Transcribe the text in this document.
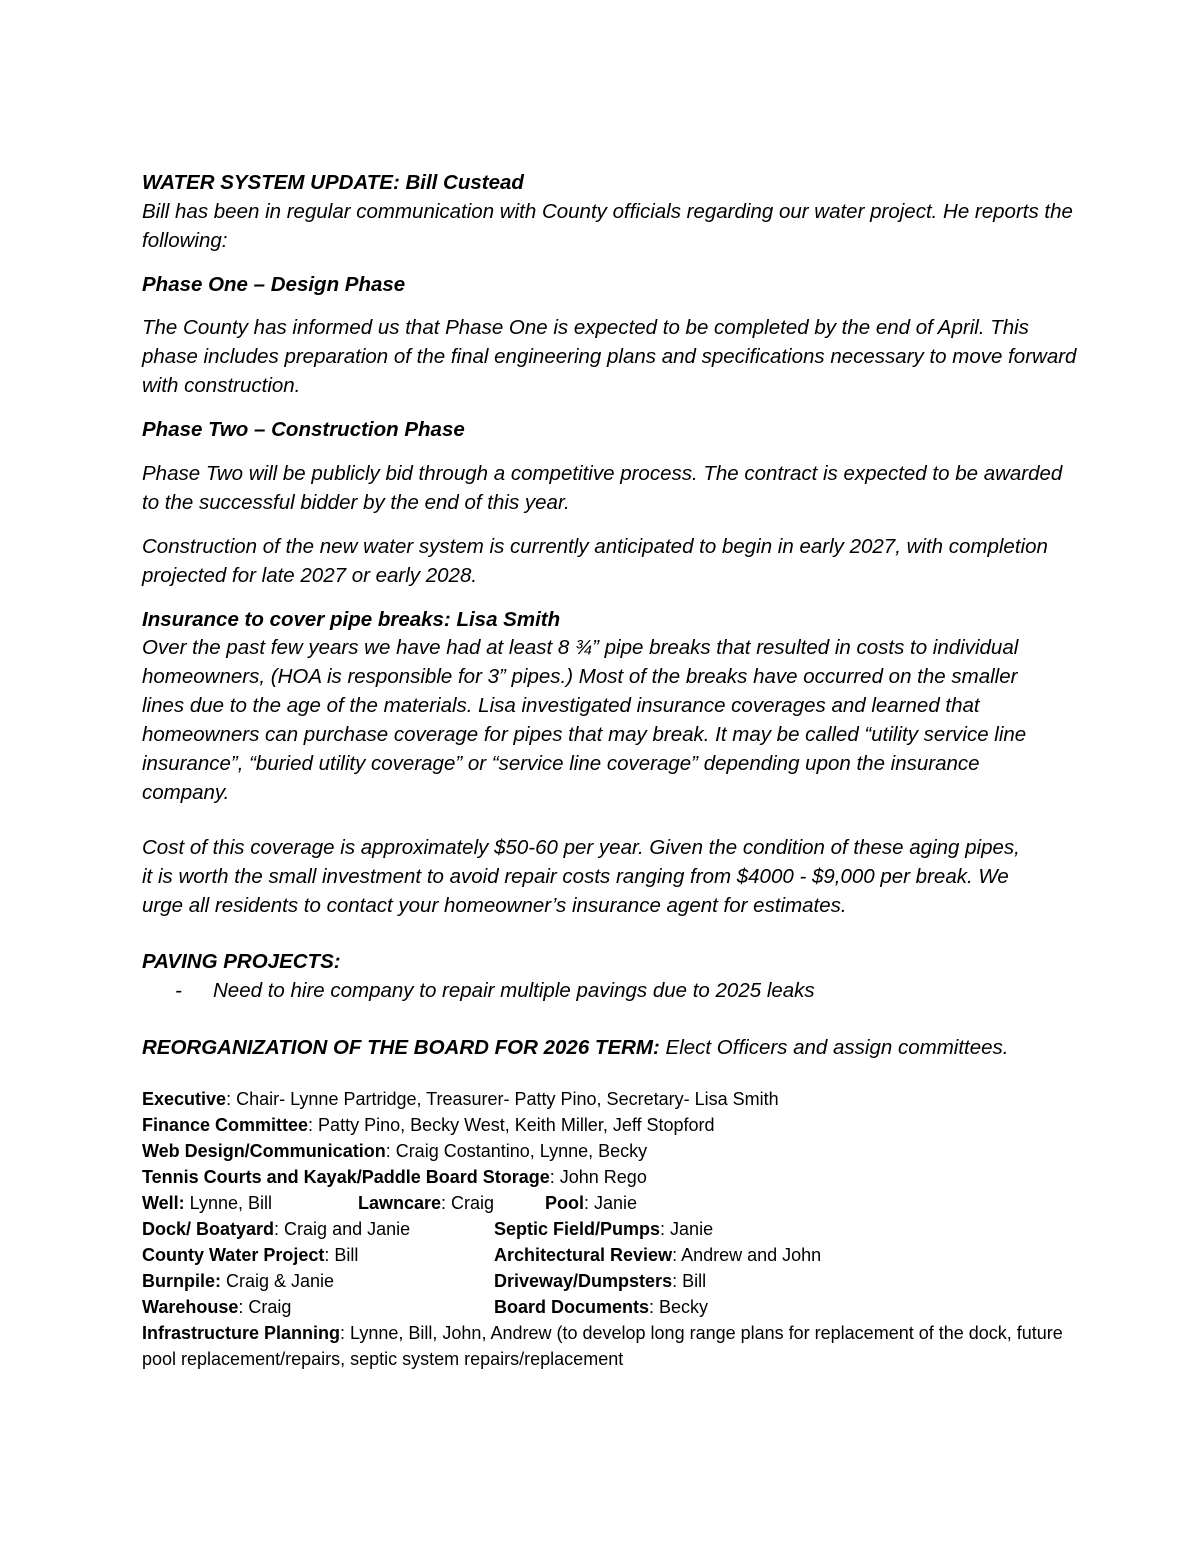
WATER SYSTEM UPDATE: Bill Custead

Bill has been in regular communication with County officials regarding our water project. He reports the following:

Phase One – Design Phase

The County has informed us that Phase One is expected to be completed by the end of April. This phase includes preparation of the final engineering plans and specifications necessary to move forward with construction.

Phase Two – Construction Phase

Phase Two will be publicly bid through a competitive process. The contract is expected to be awarded to the successful bidder by the end of this year.

Construction of the new water system is currently anticipated to begin in early 2027, with completion projected for late 2027 or early 2028.

Insurance to cover pipe breaks: Lisa Smith

Over the past few years we have had at least 8 ¾” pipe breaks that resulted in costs to individual homeowners, (HOA is responsible for 3” pipes.) Most of the breaks have occurred on the smaller lines due to the age of the materials. Lisa investigated insurance coverages and learned that homeowners can purchase coverage for pipes that may break. It may be called “utility service line insurance”, “buried utility coverage” or “service line coverage” depending upon the insurance company.

Cost of this coverage is approximately $50-60 per year. Given the condition of these aging pipes, it is worth the small investment to avoid repair costs ranging from $4000 - $9,000 per break. We urge all residents to contact your homeowner’s insurance agent for estimates.

PAVING PROJECTS:

- Need to hire company to repair multiple pavings due to 2025 leaks

REORGANIZATION OF THE BOARD FOR 2026 TERM: Elect Officers and assign committees.

Executive: Chair- Lynne Partridge, Treasurer- Patty Pino, Secretary- Lisa Smith
Finance Committee: Patty Pino, Becky West, Keith Miller, Jeff Stopford
Web Design/Communication: Craig Costantino, Lynne, Becky
Tennis Courts and Kayak/Paddle Board Storage: John Rego
Well: Lynne, Bill	Lawncare: Craig	Pool: Janie
Dock/ Boatyard: Craig and Janie	Septic Field/Pumps: Janie
County Water Project: Bill	Architectural Review: Andrew and John
Burnpile: Craig & Janie	Driveway/Dumpsters: Bill
Warehouse: Craig	Board Documents: Becky
Infrastructure Planning: Lynne, Bill, John, Andrew (to develop long range plans for replacement of the dock, future pool replacement/repairs, septic system repairs/replacement
